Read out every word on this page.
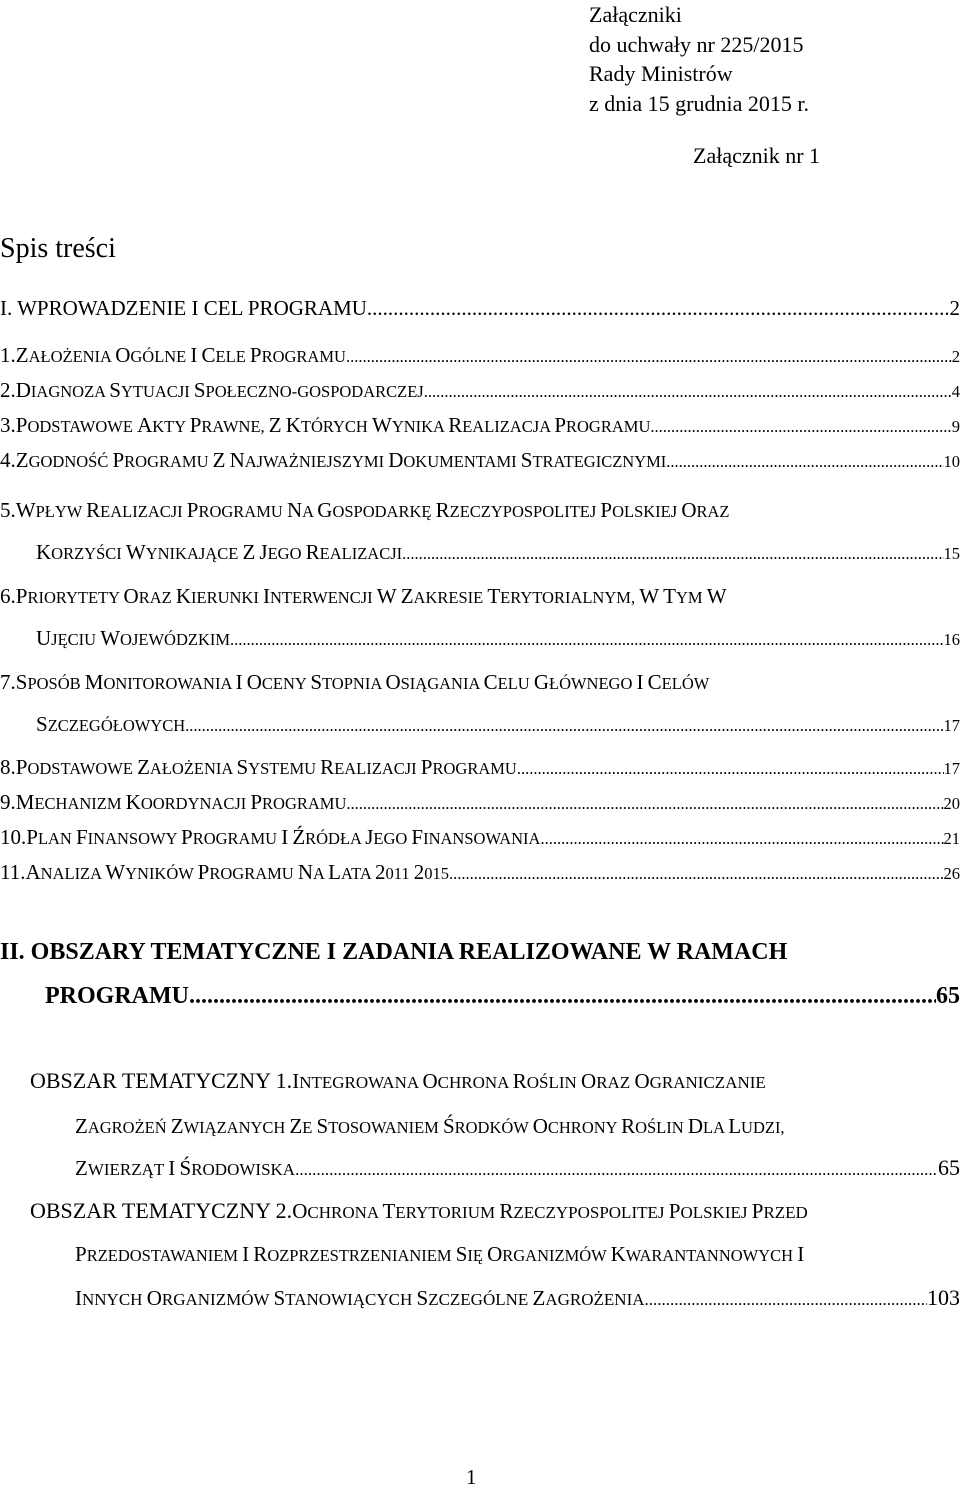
Załączniki
do uchwały nr 225/2015
Rady Ministrów
z dnia 15 grudnia 2015 r.
Załącznik nr 1
Spis treści
I. WPROWADZENIE I CEL PROGRAMU .....	2
1. ZAŁOŻENIA OGÓLNE I CELE PROGRAMU .....	2
2. DIAGNOZA SYTUACJI SPOŁECZNO-GOSPODARCZEJ .....	4
3. PODSTAWOWE AKTY PRAWNE, Z KTÓRYCH WYNIKA REALIZACJA PROGRAMU .....	9
4. ZGODNOŚĆ PROGRAMU Z NAJWAŻNIEJSZYMI DOKUMENTAMI STRATEGICZNYMI .....	10
5. WPŁYW REALIZACJI PROGRAMU NA GOSPODARKĘ RZECZYPOSPOLITEJ POLSKIEJ ORAZ
KORZYŚCI WYNIKAJĄCE Z JEGO REALIZACJI .....	15
6. PRIORYTETY ORAZ KIERUNKI INTERWENCJI W ZAKRESIE TERYTORIALNYM, W TYM W
UJĘCIU WOJEWÓDZKIM .....	16
7. SPOSÓB MONITOROWANIA I OCENY STOPNIA OSIĄGANIA CELU GŁÓWNEGO I CELÓW
SZCZEGÓŁOWYCH .....	17
8. PODSTAWOWE ZAŁOŻENIA SYSTEMU REALIZACJI PROGRAMU .....	17
9. MECHANIZM KOORDYNACJI PROGRAMU .....	20
10. PLAN FINANSOWY PROGRAMU I ŹRÓDŁA JEGO FINANSOWANIA .....	21
11. ANALIZA WYNIKÓW PROGRAMU NA LATA 2011 2015 .....	26
II. OBSZARY TEMATYCZNE I ZADANIA REALIZOWANE W RAMACH
PROGRAMU .....	65
OBSZAR TEMATYCZNY 1. INTEGROWANA OCHRONA ROŚLIN ORAZ OGRANICZANIE
ZAGROŻEŃ ZWIĄZANYCH ZE STOSOWANIEM ŚRODKÓW OCHRONY ROŚLIN DLA LUDZI,
ZWIERZĄT I ŚRODOWISKA .....	65
OBSZAR TEMATYCZNY 2. OCHRONA TERYTORIUM RZECZYPOSPOLITEJ POLSKIEJ PRZED
PRZEDOSTAWANIEM I ROZPRZESTRZENIANIEM SIĘ ORGANIZMÓW KWARANTANNOWYCH I
INNYCH ORGANIZMÓW STANOWIĄCYCH SZCZEGÓLNE ZAGROŻENIA .....	103
1
